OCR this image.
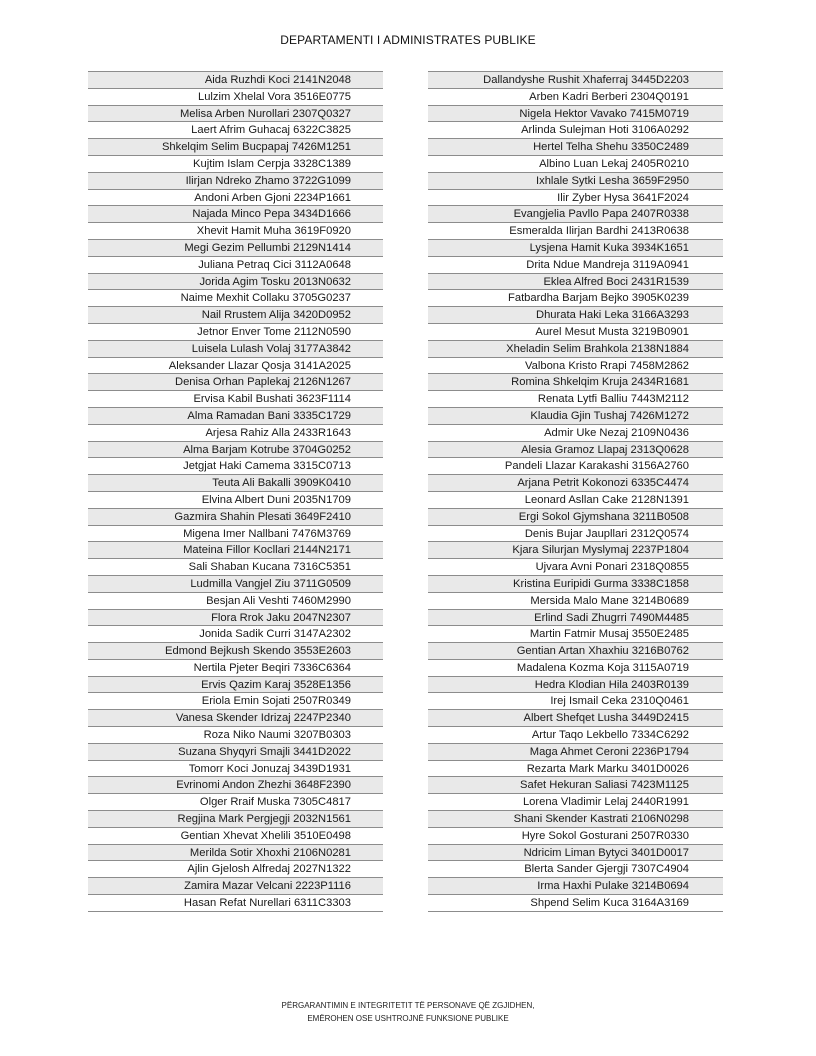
DEPARTAMENTI I ADMINISTRATES PUBLIKE
Aida Ruzhdi Koci 2141N2048
Lulzim Xhelal Vora 3516E0775
Melisa Arben Nurollari 2307Q0327
Laert Afrim Guhacaj 6322C3825
Shkelqim Selim Bucpapaj 7426M1251
Kujtim Islam Cerpja 3328C1389
Ilirjan Ndreko Zhamo 3722G1099
Andoni Arben Gjoni 2234P1661
Najada Minco Pepa 3434D1666
Xhevit Hamit Muha 3619F0920
Megi Gezim Pellumbi 2129N1414
Juliana Petraq Cici 3112A0648
Jorida Agim Tosku 2013N0632
Naime Mexhit Collaku 3705G0237
Nail Rrustem Alija 3420D0952
Jetnor Enver Tome 2112N0590
Luisela Lulash Volaj 3177A3842
Aleksander Llazar Qosja 3141A2025
Denisa Orhan Paplekaj 2126N1267
Ervisa Kabil Bushati 3623F1114
Alma Ramadan Bani 3335C1729
Arjesa Rahiz Alla 2433R1643
Alma Barjam Kotrube 3704G0252
Jetgjat Haki Camema 3315C0713
Teuta Ali Bakalli 3909K0410
Elvina Albert Duni 2035N1709
Gazmira Shahin Plesati 3649F2410
Migena Imer Nallbani 7476M3769
Mateina Fillor Kocllari 2144N2171
Sali Shaban Kucana 7316C5351
Ludmilla Vangjel Ziu 3711G0509
Besjan Ali Veshti 7460M2990
Flora Rrok Jaku 2047N2307
Jonida Sadik Curri 3147A2302
Edmond Bejkush Skendo 3553E2603
Nertila Pjeter Beqiri 7336C6364
Ervis Qazim Karaj 3528E1356
Eriola Emin Sojati 2507R0349
Vanesa Skender Idrizaj 2247P2340
Roza Niko Naumi 3207B0303
Suzana Shyqyri Smajli 3441D2022
Tomorr Koci Jonuzaj 3439D1931
Evrinomi Andon Zhezhi 3648F2390
Olger Rraif Muska 7305C4817
Regjina Mark Pergjegji 2032N1561
Gentian Xhevat Xhelili 3510E0498
Merilda Sotir Xhoxhi 2106N0281
Ajlin Gjelosh Alfredaj 2027N1322
Zamira Mazar Velcani 2223P1116
Hasan Refat Nurellari 6311C3303
Dallandyshe Rushit Xhaferraj 3445D2203
Arben Kadri Berberi 2304Q0191
Nigela Hektor Vavako 7415M0719
Arlinda Sulejman Hoti 3106A0292
Hertel Telha Shehu 3350C2489
Albino Luan Lekaj 2405R0210
Ixhlale Sytki Lesha 3659F2950
Ilir Zyber Hysa 3641F2024
Evangjelia Pavllo Papa 2407R0338
Esmeralda Ilirjan Bardhi 2413R0638
Lysjena Hamit Kuka 3934K1651
Drita Ndue Mandreja 3119A0941
Eklea Alfred Boci 2431R1539
Fatbardha Barjam Bejko 3905K0239
Dhurata Haki Leka 3166A3293
Aurel Mesut Musta 3219B0901
Xheladin Selim Brahkola 2138N1884
Valbona Kristo Rrapi 7458M2862
Romina Shkelqim Kruja 2434R1681
Renata Lytfi Balliu 7443M2112
Klaudia Gjin Tushaj 7426M1272
Admir Uke Nezaj 2109N0436
Alesia Gramoz Llapaj 2313Q0628
Pandeli Llazar Karakashi 3156A2760
Arjana Petrit Kokonozi 6335C4474
Leonard Asllan Cake 2128N1391
Ergi Sokol Gjymshana 3211B0508
Denis Bujar Jaupllari 2312Q0574
Kjara Silurjan Myslymaj 2237P1804
Ujvara Avni Ponari 2318Q0855
Kristina Euripidi Gurma 3338C1858
Mersida Malo Mane 3214B0689
Erlind Sadi Zhugrri 7490M4485
Martin Fatmir Musaj 3550E2485
Gentian Artan Xhaxhiu 3216B0762
Madalena Kozma Koja 3115A0719
Hedra Klodian Hila 2403R0139
Irej Ismail Ceka 2310Q0461
Albert Shefqet Lusha 3449D2415
Artur Taqo Lekbello 7334C6292
Maga Ahmet Ceroni 2236P1794
Rezarta Mark Marku 3401D0026
Safet Hekuran Saliasi 7423M1125
Lorena Vladimir Lelaj 2440R1991
Shani Skender Kastrati 2106N0298
Hyre Sokol Gosturani 2507R0330
Ndricim Liman Bytyci 3401D0017
Blerta Sander Gjergji 7307C4904
Irma Haxhi Pulake 3214B0694
Shpend Selim Kuca 3164A3169
PËRGARANTIMIN E INTEGRITETIT TË PERSONAVE QË ZGJIDHEN,
EMËROHEN OSE USHTROJNË FUNKSIONE PUBLIKE
